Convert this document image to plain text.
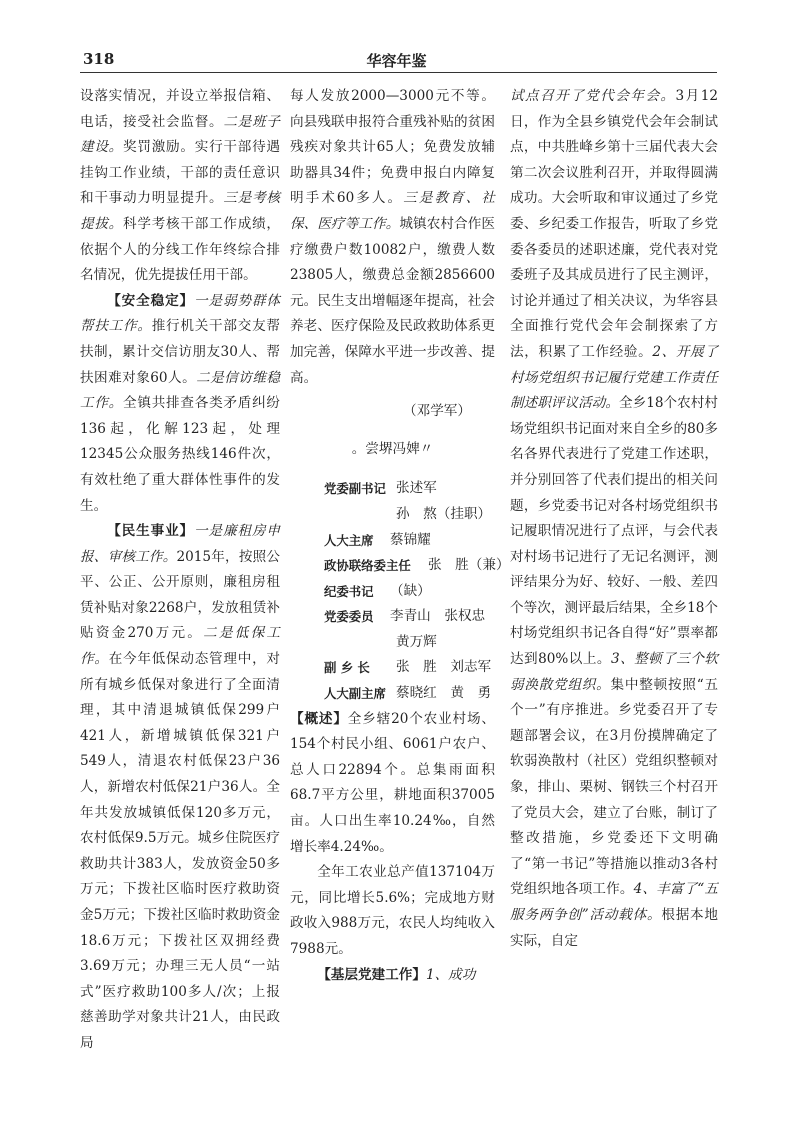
318	华容年鉴

设落实情况，并设立举报信箱、电话，接受社会监督。二是班子建设。奖罚激励。实行干部待遇挂钩工作业绩，干部的责任意识和干事动力明显提升。三是考核提拔。科学考核干部工作成绩，依据个人的分线工作年终综合排名情况，优先提拔任用干部。

【安全稳定】一是弱势群体帮扶工作。推行机关干部交友帮扶制，累计交信访朋友30人、帮扶困难对象60人。二是信访维稳工作。全镇共排查各类矛盾纠纷136起，化解123起，处理12345公众服务热线146件次，有效杜绝了重大群体性事件的发生。

【民生事业】一是廉租房申报、审核工作。2015年，按照公平、公正、公开原则，廉租房租赁补贴对象2268户，发放租赁补贴资金270万元。二是低保工作。在今年低保动态管理中，对所有城乡低保对象进行了全面清理，其中清退城镇低保299户421人，新增城镇低保321户549人，清退农村低保23户36人，新增农村低保21户36人。全年共发放城镇低保120多万元，农村低保9.5万元。城乡住院医疗救助共计383人，发放资金50多万元；下拨社区临时医疗救助资金5万元；下拨社区临时救助资金18.6万元；下拨社区双拥经费3.69万元；办理三无人员“一站式”医疗救助100多人/次；上报慈善助学对象共计21人，由民政局

每人发放2000—3000元不等。向县残联申报符合重残补贴的贫困残疾对象共计65人；免费发放辅助器具34件；免费申报白内障复明手术60多人。三是教育、社保、医疗等工作。城镇农村合作医疗缴费户数10082户，缴费人数23805人，缴费总金额2856600元。民生支出增幅逐年提高，社会养老、医疗保险及民政救助体系更加完善，保障水平进一步改善、提高。

（邓学军）
。尝堺冯婢〃
党委副书记 张述军
孙　熬（挂职）
人大主席 蔡锦耀
政协联络委主任 张　胜（兼）
纪委书记 （缺）
党委委员 李青山　张权忠
黄万辉
副 乡 长 张　胜　刘志军
人大副主席 蔡晓红　黄　勇

【概述】全乡辖20个农业村场、154个村民小组、6061户农户、总人口22894个。总集雨面积68.7平方公里，耕地面积37005亩。人口出生率10.24‰，自然增长率4.24‰。

全年工农业总产值137104万元，同比增长5.6%；完成地方财政收入988万元，农民人均纯收入7988元。

【基层党建工作】1、成功

试点召开了党代会年会。3月12日，作为全县乡镇党代会年会制试点，中共胜峰乡第十三届代表大会第二次会议胜利召开，并取得圆满成功。大会听取和审议通过了乡党委、乡纪委工作报告，听取了乡党委各委员的述职述廉，党代表对党委班子及其成员进行了民主测评，讨论并通过了相关决议，为华容县全面推行党代会年会制探索了方法，积累了工作经验。2、开展了村场党组织书记履行党建工作责任制述职评议活动。全乡18个农村村场党组织书记面对来自全乡的80多名各界代表进行了党建工作述职，并分别回答了代表们提出的相关问题，乡党委书记对各村场党组织书记履职情况进行了点评，与会代表对村场书记进行了无记名测评，测评结果分为好、较好、一般、差四个等次，测评最后结果，全乡18个村场党组织书记各自得“好”票率都达到80%以上。3、整顿了三个软弱涣散党组织。集中整顿按照“五个一”有序推进。乡党委召开了专题部署会议，在3月份摸牌确定了软弱涣散村（社区）党组织整顿对象，排山、栗树、钢铁三个村召开了党员大会，建立了台账，制订了整改措施，乡党委还下文明确了“第一书记”等措施以推动3各村党组织地各项工作。4、丰富了“五服务两争创”活动载体。根据本地实际，自定
